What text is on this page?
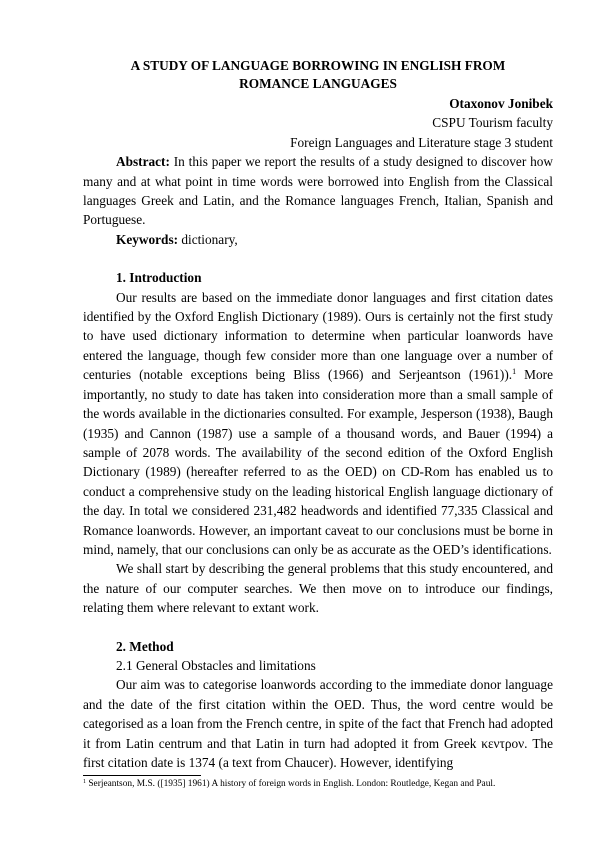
A STUDY OF LANGUAGE BORROWING IN ENGLISH FROM
ROMANCE LANGUAGES

Otaxonov Jonibek

CSPU Tourism faculty

Foreign Languages and Literature stage 3 student

Abstract: In this paper we report the results of a study designed to discover how many and at what point in time words were borrowed into English from the Classical languages Greek and Latin, and the Romance languages French, Italian, Spanish and Portuguese.

Keywords: dictionary,

1. Introduction

Our results are based on the immediate donor languages and first citation dates identified by the Oxford English Dictionary (1989). Ours is certainly not the first study to have used dictionary information to determine when particular loanwords have entered the language, though few consider more than one language over a number of centuries (notable exceptions being Bliss (1966) and Serjeantson (1961)).$^1$ More importantly, no study to date has taken into consideration more than a small sample of the words available in the dictionaries consulted. For example, Jesperson (1938), Baugh (1935) and Cannon (1987) use a sample of a thousand words, and Bauer (1994) a sample of 2078 words. The availability of the second edition of the Oxford English Dictionary (1989) (hereafter referred to as the OED) on CD-Rom has enabled us to conduct a comprehensive study on the leading historical English language dictionary of the day. In total we considered 231,482 headwords and identified 77,335 Classical and Romance loanwords. However, an important caveat to our conclusions must be borne in mind, namely, that our conclusions can only be as accurate as the OED’s identifications.

We shall start by describing the general problems that this study encountered, and the nature of our computer searches. We then move on to introduce our findings, relating them where relevant to extant work.

2. Method

2.1 General Obstacles and limitations

Our aim was to categorise loanwords according to the immediate donor language and the date of the first citation within the OED. Thus, the word centre would be categorised as a loan from the French centre, in spite of the fact that French had adopted it from Latin centrum and that Latin in turn had adopted it from Greek κεντρον. The first citation date is 1374 (a text from Chaucer). However, identifying

$^1$ Serjeantson, M.S. ([1935] 1961) A history of foreign words in English. London: Routledge, Kegan and Paul.
